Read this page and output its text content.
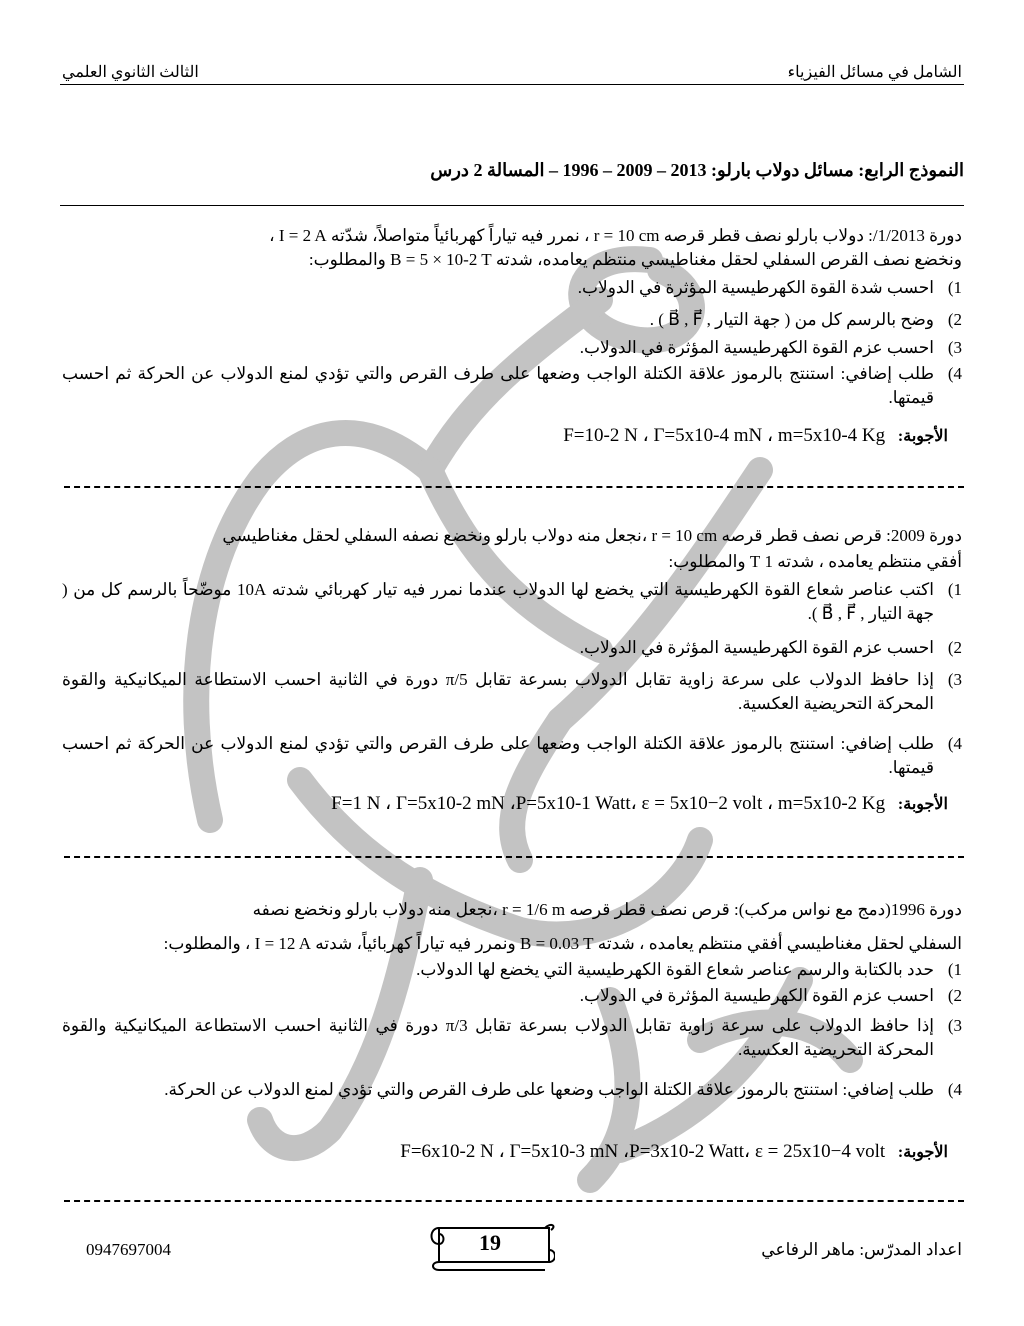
الشامل في مسائل الفيزياء
الثالث الثانوي العلمي
النموذج الرابع: مسائل دولاب بارلو: 2013 – 2009 – 1996 – المسالة 2 درس
دورة 1/2013/: دولاب بارلو نصف قطر قرصه r = 10 cm ، نمرر فيه تياراً كهربائياً متواصلاً، شدّته I = 2 A ،
ونخضع نصف القرص السفلي لحقل مغناطيسي منتظم يعامده، شدته B = 5 × 10-2 T والمطلوب:
1)
احسب شدة القوة الكهرطيسية المؤثرة في الدولاب.
2)
وضح بالرسم كل من ( جهة التيار , B⃗ , F⃗ ) .
3)
احسب عزم القوة الكهرطيسية المؤثرة في الدولاب.
4)
طلب إضافي: استنتج بالرموز علاقة الكتلة الواجب وضعها على طرف القرص والتي تؤدي لمنع الدولاب عن الحركة ثم احسب قيمتها.
الأجوبة: F=10-2 N ، Γ=5x10-4 mN ، m=5x10-4 Kg
دورة 2009: قرص نصف قطر قرصه r = 10 cm ،نجعل منه دولاب بارلو ونخضع نصفه السفلي لحقل مغناطيسي
أفقي منتظم يعامده ، شدته 1 T والمطلوب:
1)
اكتب عناصر شعاع القوة الكهرطيسية التي يخضع لها الدولاب عندما نمرر فيه تيار كهربائي شدته 10A موضّحاً بالرسم كل من ( جهة التيار , B⃗ , F⃗ ).
2)
احسب عزم القوة الكهرطيسية المؤثرة في الدولاب.
3)
إذا حافظ الدولاب على سرعة زاوية تقابل الدولاب بسرعة تقابل 5/π دورة في الثانية احسب الاستطاعة الميكانيكية والقوة المحركة التحريضية العكسية.
4)
طلب إضافي: استنتج بالرموز علاقة الكتلة الواجب وضعها على طرف القرص والتي تؤدي لمنع الدولاب عن الحركة ثم احسب قيمتها.
الأجوبة: F=1 N ، Γ=5x10-2 mN ،P=5x10-1 Watt، ε = 5x10−2 volt ، m=5x10-2 Kg
دورة 1996(دمج مع نواس مركب): قرص نصف قطر قرصه r = 1/6 m ،نجعل منه دولاب بارلو ونخضع نصفه
السفلي لحقل مغناطيسي أفقي منتظم يعامده ، شدته B = 0.03 T ونمرر فيه تياراً كهربائياً، شدته I = 12 A ، والمطلوب:
1)
حدد بالكتابة والرسم عناصر شعاع القوة الكهرطيسية التي يخضع لها الدولاب.
2)
احسب عزم القوة الكهرطيسية المؤثرة في الدولاب.
3)
إذا حافظ الدولاب على سرعة زاوية تقابل الدولاب بسرعة تقابل 3/π دورة في الثانية احسب الاستطاعة الميكانيكية والقوة المحركة التحريضية العكسية.
4)
طلب إضافي: استنتج بالرموز علاقة الكتلة الواجب وضعها على طرف القرص والتي تؤدي لمنع الدولاب عن الحركة.
الأجوبة: F=6x10-2 N ، Γ=5x10-3 mN ،P=3x10-2 Watt، ε = 25x10−4 volt
اعداد المدرّس: ماهر الرفاعي
0947697004	19
